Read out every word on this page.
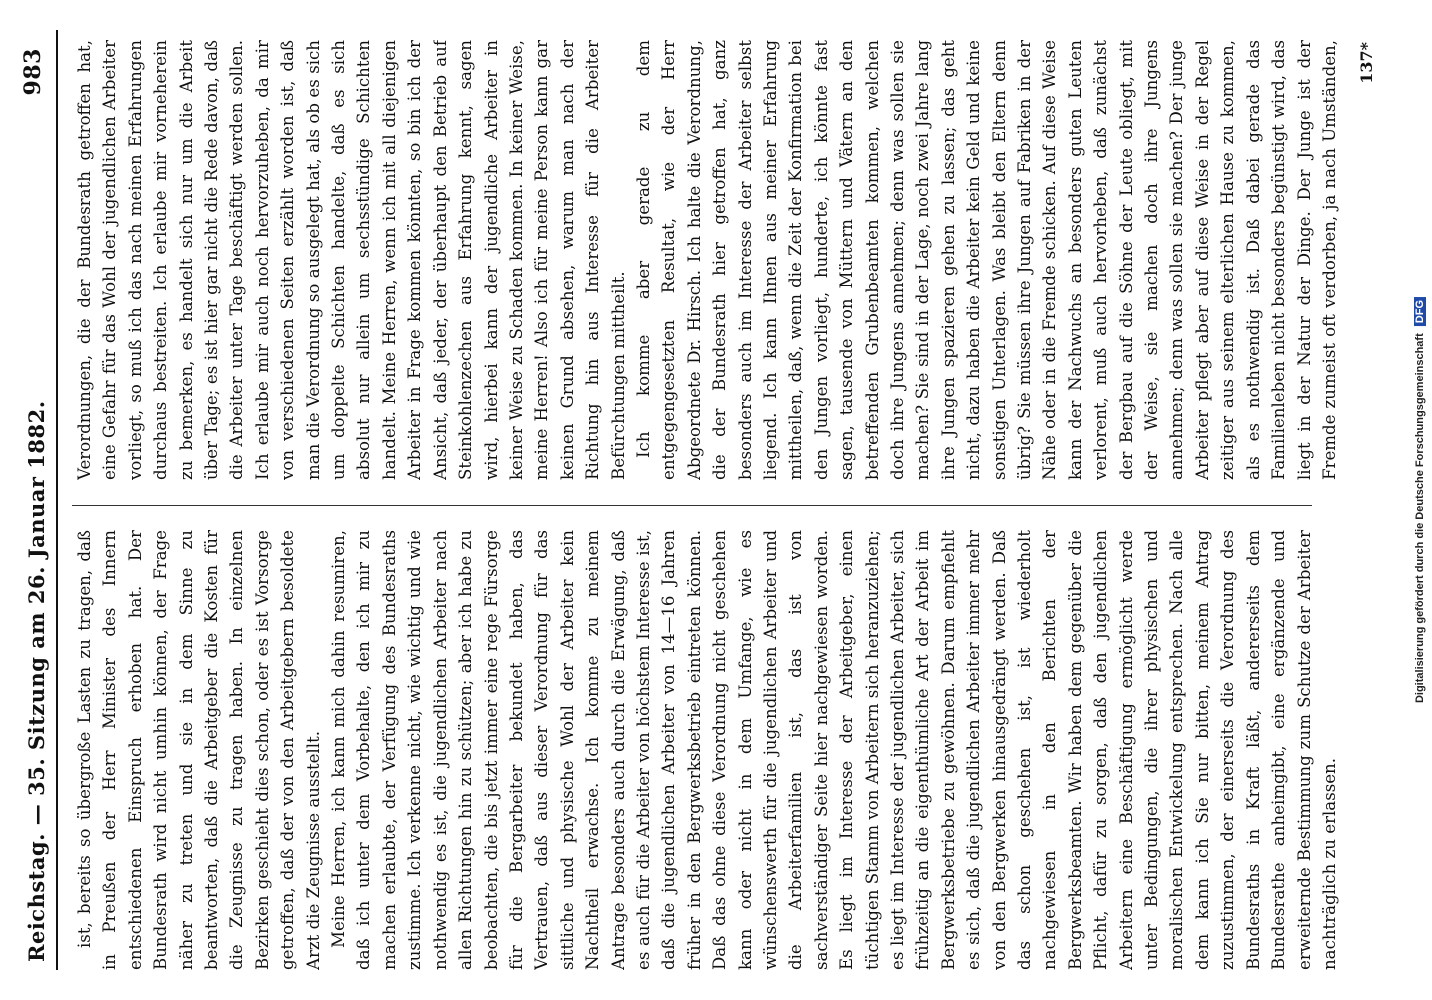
Reichstag. — 35. Sitzung am 26. Januar 1882.
983

ist, bereits so übergroße Lasten zu tragen, daß in Preußen der Herr Minister des Innern entschiedenen Einspruch erhoben hat. Der Bundesrath wird nicht umhin können, der Frage näher zu treten und sie in dem Sinne zu beantworten, daß die Arbeitgeber die Kosten für die Zeugnisse zu tragen haben. In einzelnen Bezirken geschieht dies schon, oder es ist Vorsorge getroffen, daß der von den Arbeitgebern besoldete Arzt die Zeugnisse ausstellt. Meine Herren, ich kann mich dahin resumiren, daß ich unter dem Vorbehalte, den ich mir zu machen erlaubte, der Verfügung des Bundesraths zustimme. Ich verkenne nicht, wie wichtig und wie nothwendig es ist, die jugendlichen Arbeiter nach allen Richtungen hin zu schützen; aber ich habe zu beobachten, die bis jetzt immer eine rege Fürsorge für die Bergarbeiter bekundet haben, das Vertrauen, daß aus dieser Verordnung für das sittliche und physische Wohl der Arbeiter kein Nachtheil erwachse. Ich komme zu meinem Antrage besonders auch durch die Erwägung, daß es auch für die Arbeiter von höchstem Interesse ist, daß die jugendlichen Arbeiter von 14—16 Jahren früher in den Bergwerksbetrieb eintreten können. Daß das ohne diese Verordnung nicht geschehen kann oder nicht in dem Umfange, wie es wünschenswerth für die jugendlichen Arbeiter und die Arbeiterfamilien ist, das ist von sachverständiger Seite hier nachgewiesen worden. Es liegt im Interesse der Arbeitgeber, einen tüchtigen Stamm von Arbeitern sich heranzuziehen; es liegt im Interesse der jugendlichen Arbeiter, sich frühzeitig an die eigenthümliche Art der Arbeit im Bergwerksbetriebe zu gewöhnen. Darum empfiehlt es sich, daß die jugendlichen Arbeiter immer mehr von den Bergwerken hinausgedrängt werden. Daß das schon geschehen ist, ist wiederholt nachgewiesen in den Berichten der Bergwerksbeamten. Wir haben dem gegenüber die Pflicht, dafür zu sorgen, daß den jugendlichen Arbeitern eine Beschäftigung ermöglicht werde unter Bedingungen, die ihrer physischen und moralischen Entwickelung entsprechen. Nach alle dem kann ich Sie nur bitten, meinem Antrag zuzustimmen, der einerseits die Verordnung des Bundesraths in Kraft läßt, andererseits dem Bundesrathe anheimgibt, eine ergänzende und erweiternde Bestimmung zum Schutze der Arbeiter nachträglich zu erlassen.

Verordnungen, die der Bundesrath getroffen hat, eine Gefahr für das Wohl der jugendlichen Arbeiter vorliegt, so muß ich das nach meinen Erfahrungen durchaus bestreiten. Ich erlaube mir vorneherein zu bemerken, es handelt sich nur um die Arbeit über Tage; es ist hier gar nicht die Rede davon, daß die Arbeiter unter Tage beschäftigt werden sollen. Ich erlaube mir auch noch hervorzuheben, da mir von verschiedenen Seiten erzählt worden ist, daß man die Verordnung so ausgelegt hat, als ob es sich um doppelte Schichten handelte, daß es sich absolut nur allein um sechsstündige Schichten handelt. Meine Herren, wenn ich mit all diejenigen Arbeiter in Frage kommen könnten, so bin ich der Ansicht, daß jeder, der überhaupt den Betrieb auf Steinkohlenzechen aus Erfahrung kennt, sagen wird, hierbei kann der jugendliche Arbeiter in keiner Weise zu Schaden kommen. In keiner Weise, meine Herren! Also ich für meine Person kann gar keinen Grund absehen, warum man nach der Richtung hin aus Interesse für die Arbeiter Befürchtungen mittheilt. Ich komme aber gerade zu dem entgegengesetzten Resultat, wie der Herr Abgeordnete Dr. Hirsch. Ich halte die Verordnung, die der Bundesrath hier getroffen hat, ganz besonders auch im Interesse der Arbeiter selbst liegend. Ich kann Ihnen aus meiner Erfahrung mittheilen, daß, wenn die Zeit der Konfirmation bei den Jungen vorliegt, hunderte, ich könnte fast sagen, tausende von Müttern und Vätern an den betreffenden Grubenbeamten kommen, welchen doch ihre Jungens annehmen; denn was sollen sie machen? Sie sind in der Lage, noch zwei Jahre lang ihre Jungen spazieren gehen zu lassen; das geht nicht, dazu haben die Arbeiter kein Geld und keine sonstigen Unterlagen. Was bleibt den Eltern denn übrig? Sie müssen ihre Jungen auf Fabriken in der Nähe oder in die Fremde schicken. Auf diese Weise kann der Nachwuchs an besonders guten Leuten verlorent, muß auch hervorheben, daß zunächst der Bergbau auf die Söhne der Leute obliegt, mit der Weise, sie machen doch ihre Jungens annehmen; denn was sollen sie machen? Der junge Arbeiter pflegt aber auf diese Weise in der Regel zeitiger aus seinem elterlichen Hause zu kommen, als es nothwendig ist. Daß dabei gerade das Familienleben nicht besonders begünstigt wird, das liegt in der Natur der Dinge. Der Junge ist der Fremde zumeist oft verdorben, ja nach Umständen,	137*
Digitalisierung gefördert durch die Deutsche Forschungsgemeinschaft DFG
